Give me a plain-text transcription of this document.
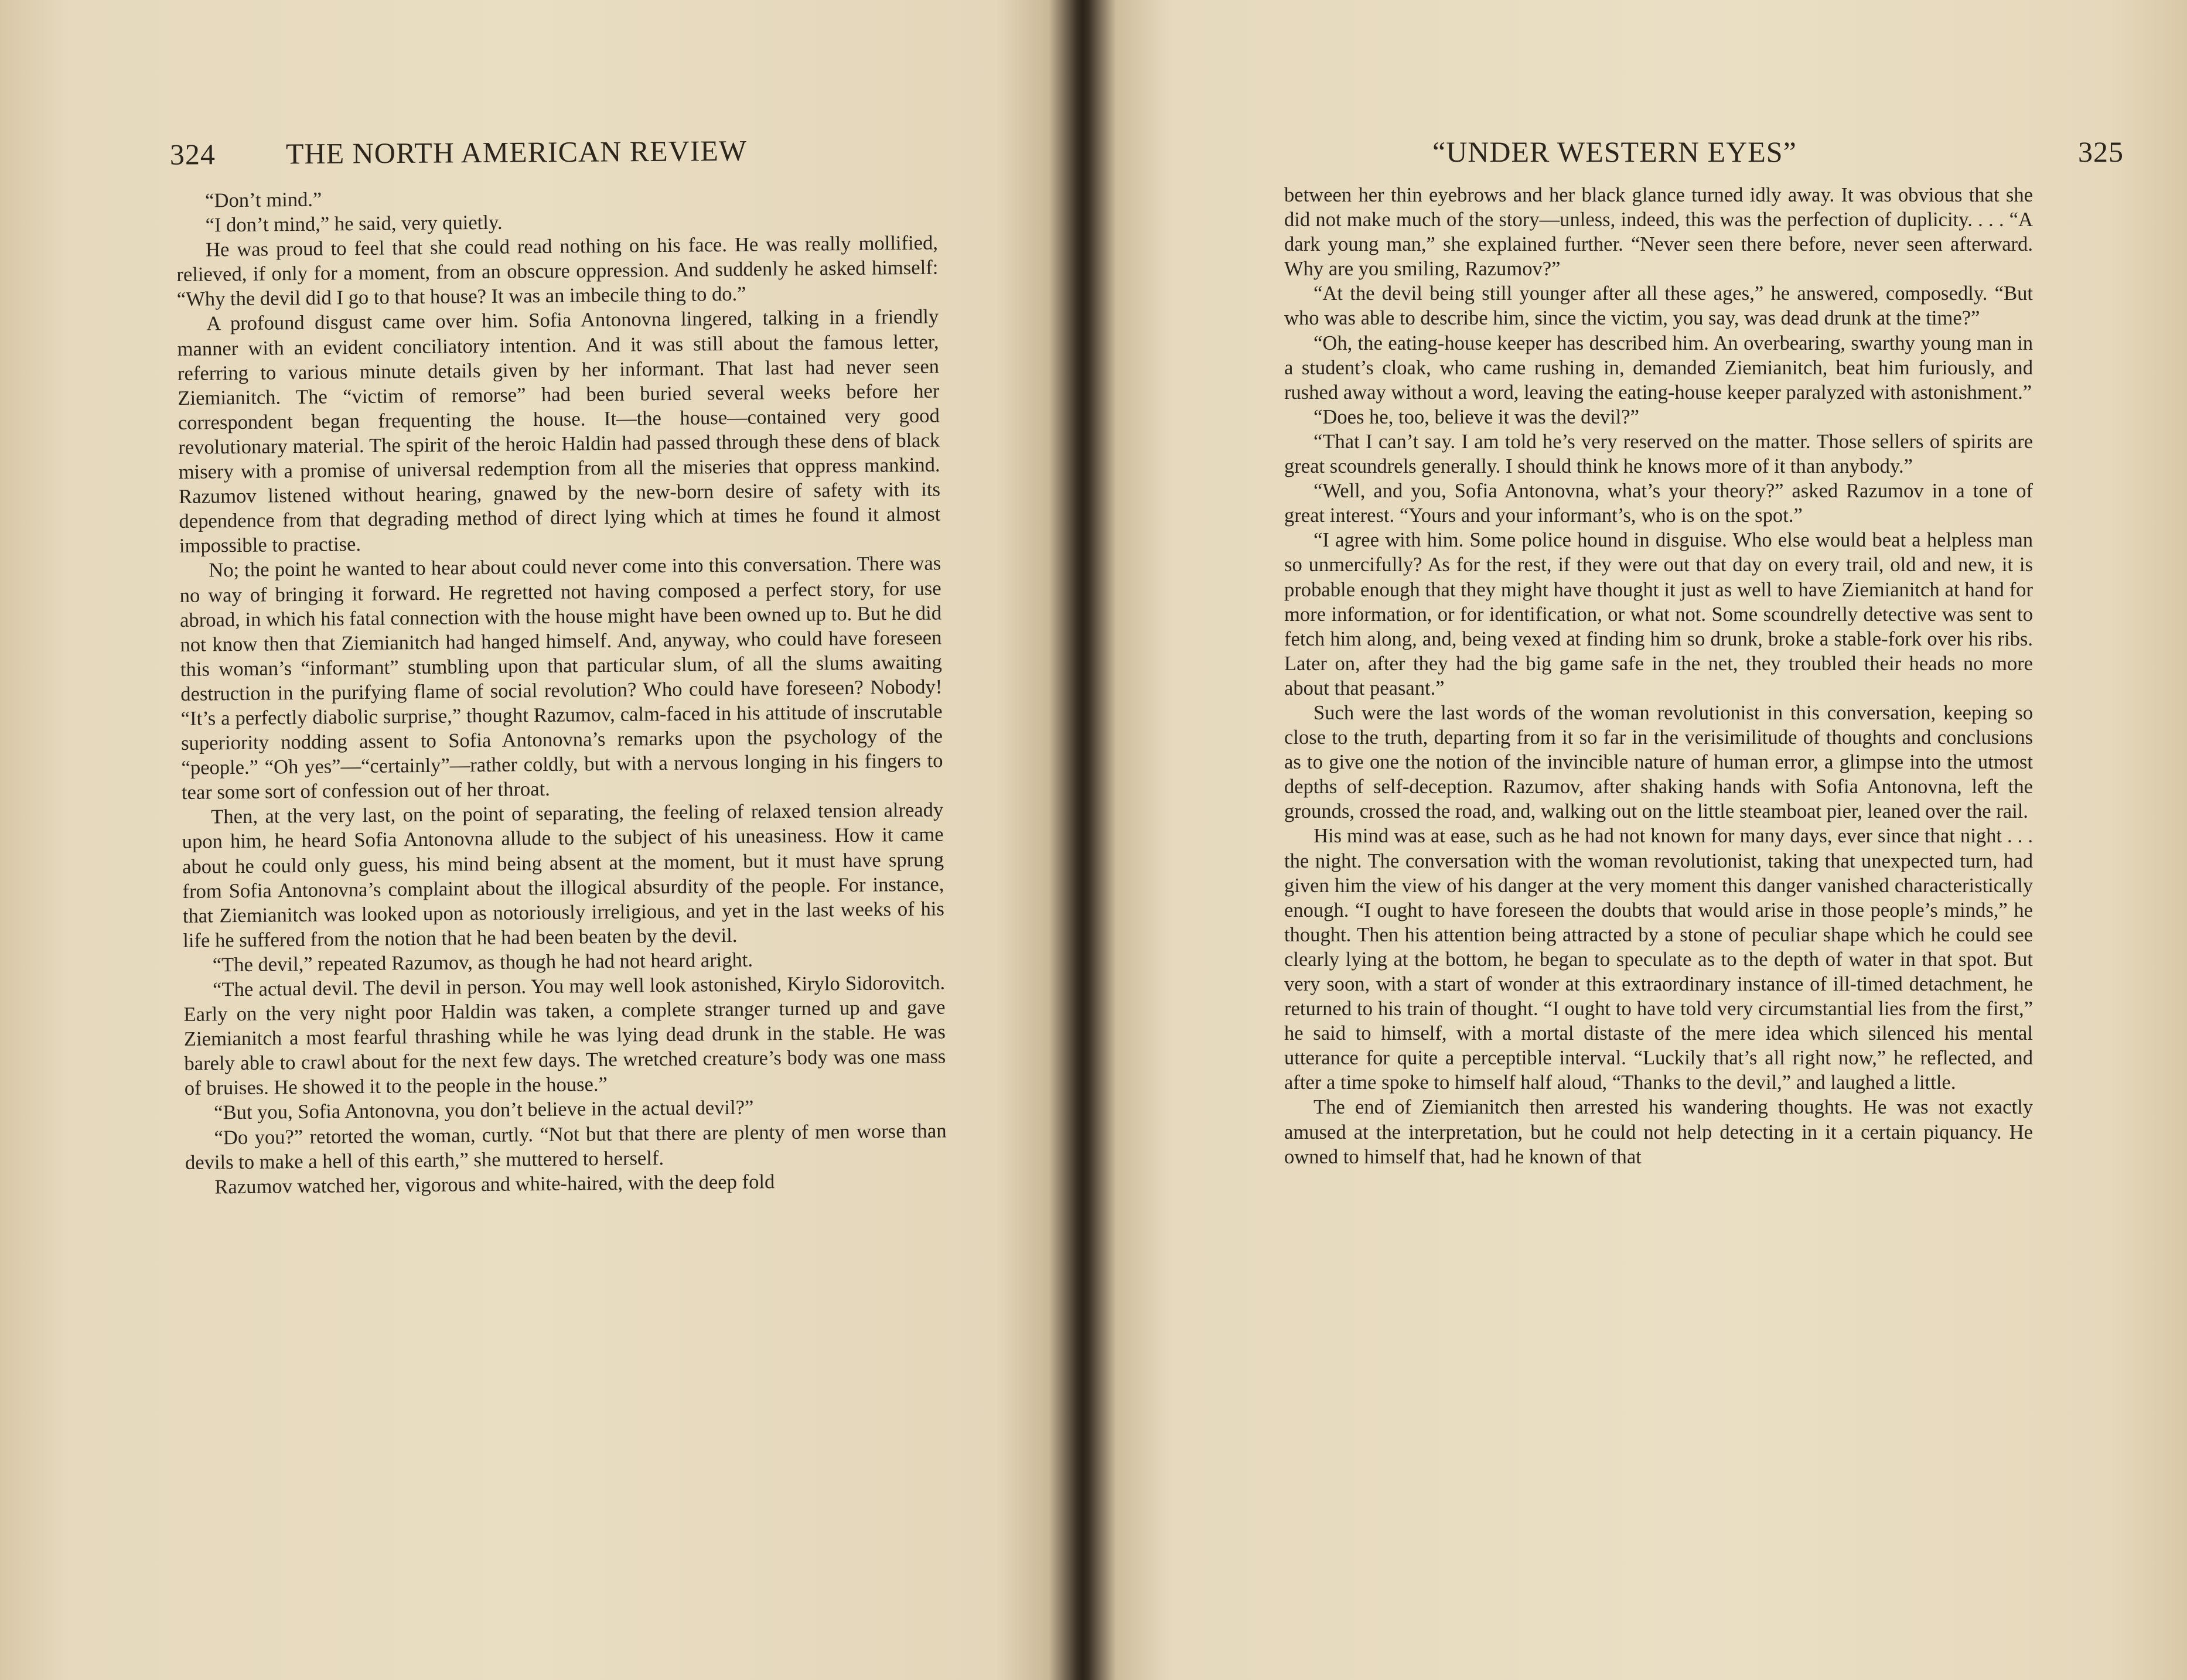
324 THE NORTH AMERICAN REVIEW

“Don’t mind.”

“I don’t mind,” he said, very quietly.

He was proud to feel that she could read nothing on his face. He was really mollified, relieved, if only for a moment, from an obscure oppression. And suddenly he asked himself: “Why the devil did I go to that house? It was an imbecile thing to do.”

A profound disgust came over him. Sofia Antonovna lingered, talking in a friendly manner with an evident conciliatory intention. And it was still about the famous letter, referring to various minute details given by her informant. That last had never seen Ziemianitch. The “victim of remorse” had been buried several weeks before her correspondent began frequenting the house. It—the house—contained very good revolutionary material. The spirit of the heroic Haldin had passed through these dens of black misery with a promise of universal redemption from all the miseries that oppress mankind. Razumov listened without hearing, gnawed by the new-born desire of safety with its dependence from that degrading method of direct lying which at times he found it almost impossible to practise.

No; the point he wanted to hear about could never come into this conversation. There was no way of bringing it forward. He regretted not having composed a perfect story, for use abroad, in which his fatal connection with the house might have been owned up to. But he did not know then that Ziemianitch had hanged himself. And, anyway, who could have foreseen this woman’s “informant” stumbling upon that particular slum, of all the slums awaiting destruction in the purifying flame of social revolution? Who could have foreseen? Nobody! “It’s a perfectly diabolic surprise,” thought Razumov, calm-faced in his attitude of inscrutable superiority nodding assent to Sofia Antonovna’s remarks upon the psychology of the “people.” “Oh yes”—“certainly”—rather coldly, but with a nervous longing in his fingers to tear some sort of confession out of her throat.

Then, at the very last, on the point of separating, the feeling of relaxed tension already upon him, he heard Sofia Antonovna allude to the subject of his uneasiness. How it came about he could only guess, his mind being absent at the moment, but it must have sprung from Sofia Antonovna’s complaint about the illogical absurdity of the people. For instance, that Ziemianitch was looked upon as notoriously irreligious, and yet in the last weeks of his life he suffered from the notion that he had been beaten by the devil.

“The devil,” repeated Razumov, as though he had not heard aright.

“The actual devil. The devil in person. You may well look astonished, Kirylo Sidorovitch. Early on the very night poor Haldin was taken, a complete stranger turned up and gave Ziemianitch a most fearful thrashing while he was lying dead drunk in the stable. He was barely able to crawl about for the next few days. The wretched creature’s body was one mass of bruises. He showed it to the people in the house.”

“But you, Sofia Antonovna, you don’t believe in the actual devil?”

“Do you?” retorted the woman, curtly. “Not but that there are plenty of men worse than devils to make a hell of this earth,” she muttered to herself.

Razumov watched her, vigorous and white-haired, with the deep fold

“UNDER WESTERN EYES”	325

between her thin eyebrows and her black glance turned idly away. It was obvious that she did not make much of the story—unless, indeed, this was the perfection of duplicity. . . . “A dark young man,” she explained further. “Never seen there before, never seen afterward. Why are you smiling, Razumov?”

“At the devil being still younger after all these ages,” he answered, composedly. “But who was able to describe him, since the victim, you say, was dead drunk at the time?”

“Oh, the eating-house keeper has described him. An overbearing, swarthy young man in a student’s cloak, who came rushing in, demanded Ziemianitch, beat him furiously, and rushed away without a word, leaving the eating-house keeper paralyzed with astonishment.”

“Does he, too, believe it was the devil?”

“That I can’t say. I am told he’s very reserved on the matter. Those sellers of spirits are great scoundrels generally. I should think he knows more of it than anybody.”

“Well, and you, Sofia Antonovna, what’s your theory?” asked Razumov in a tone of great interest. “Yours and your informant’s, who is on the spot.”

“I agree with him. Some police hound in disguise. Who else would beat a helpless man so unmercifully? As for the rest, if they were out that day on every trail, old and new, it is probable enough that they might have thought it just as well to have Ziemianitch at hand for more information, or for identification, or what not. Some scoundrelly detective was sent to fetch him along, and, being vexed at finding him so drunk, broke a stable-fork over his ribs. Later on, after they had the big game safe in the net, they troubled their heads no more about that peasant.”

Such were the last words of the woman revolutionist in this conversation, keeping so close to the truth, departing from it so far in the verisimilitude of thoughts and conclusions as to give one the notion of the invincible nature of human error, a glimpse into the utmost depths of self-deception. Razumov, after shaking hands with Sofia Antonovna, left the grounds, crossed the road, and, walking out on the little steamboat pier, leaned over the rail.

His mind was at ease, such as he had not known for many days, ever since that night . . . the night. The conversation with the woman revolutionist, taking that unexpected turn, had given him the view of his danger at the very moment this danger vanished characteristically enough. “I ought to have foreseen the doubts that would arise in those people’s minds,” he thought. Then his attention being attracted by a stone of peculiar shape which he could see clearly lying at the bottom, he began to speculate as to the depth of water in that spot. But very soon, with a start of wonder at this extraordinary instance of ill-timed detachment, he returned to his train of thought. “I ought to have told very circumstantial lies from the first,” he said to himself, with a mortal distaste of the mere idea which silenced his mental utterance for quite a perceptible interval. “Luckily that’s all right now,” he reflected, and after a time spoke to himself half aloud, “Thanks to the devil,” and laughed a little.

The end of Ziemianitch then arrested his wandering thoughts. He was not exactly amused at the interpretation, but he could not help detecting in it a certain piquancy. He owned to himself that, had he known of that
